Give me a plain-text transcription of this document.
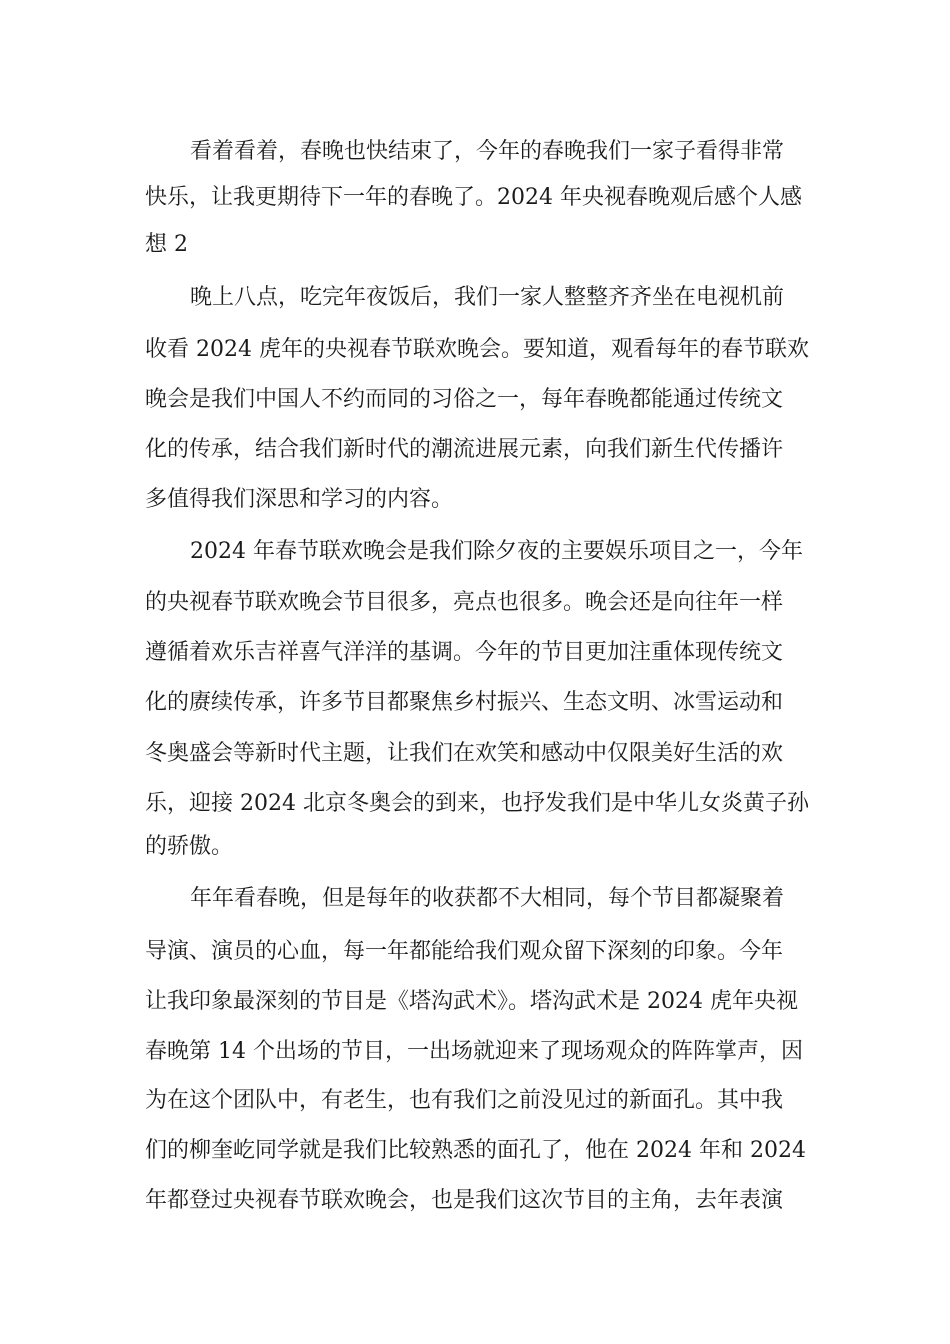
看着看着，春晚也快结束了，今年的春晚我们一家子看得非常
快乐，让我更期待下一年的春晚了。2024 年央视春晚观后感个人感
想 2
晚上八点，吃完年夜饭后，我们一家人整整齐齐坐在电视机前
收看 2024 虎年的央视春节联欢晚会。要知道，观看每年的春节联欢
晚会是我们中国人不约而同的习俗之一，每年春晚都能通过传统文
化的传承，结合我们新时代的潮流进展元素，向我们新生代传播许
多值得我们深思和学习的内容。
2024 年春节联欢晚会是我们除夕夜的主要娱乐项目之一，今年
的央视春节联欢晚会节目很多，亮点也很多。晚会还是向往年一样
遵循着欢乐吉祥喜气洋洋的基调。今年的节目更加注重体现传统文
化的赓续传承，许多节目都聚焦乡村振兴、生态文明、冰雪运动和
冬奥盛会等新时代主题，让我们在欢笑和感动中仅限美好生活的欢
乐，迎接 2024 北京冬奥会的到来，也抒发我们是中华儿女炎黄子孙
的骄傲。
年年看春晚，但是每年的收获都不大相同，每个节目都凝聚着
导演、演员的心血，每一年都能给我们观众留下深刻的印象。今年
让我印象最深刻的节目是《塔沟武术》。塔沟武术是 2024 虎年央视
春晚第 14 个出场的节目，一出场就迎来了现场观众的阵阵掌声，因
为在这个团队中，有老生，也有我们之前没见过的新面孔。其中我
们的柳奎屹同学就是我们比较熟悉的面孔了，他在 2024 年和 2024
年都登过央视春节联欢晚会，也是我们这次节目的主角，去年表演
